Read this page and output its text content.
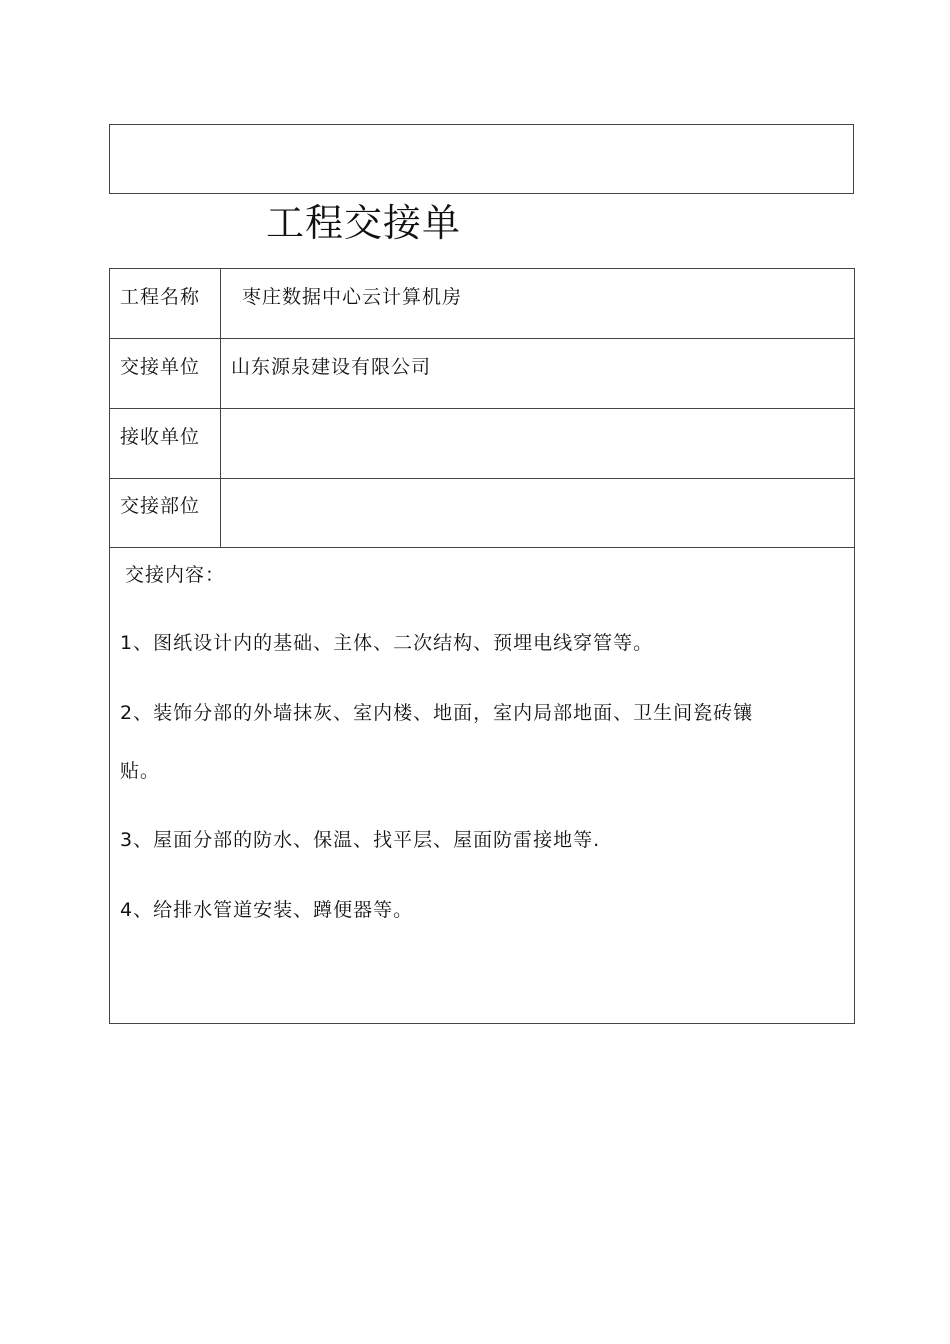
工程交接单
工程名称	枣庄数据中心云计算机房
交接单位	山东源泉建设有限公司
接收单位
交接部位
交接内容：
1、图纸设计内的基础、主体、二次结构、预埋电线穿管等。
2、装饰分部的外墙抹灰、室内楼、地面，室内局部地面、卫生间瓷砖镶
贴。
3、屋面分部的防水、保温、找平层、屋面防雷接地等.
4、给排水管道安装、蹲便器等。
